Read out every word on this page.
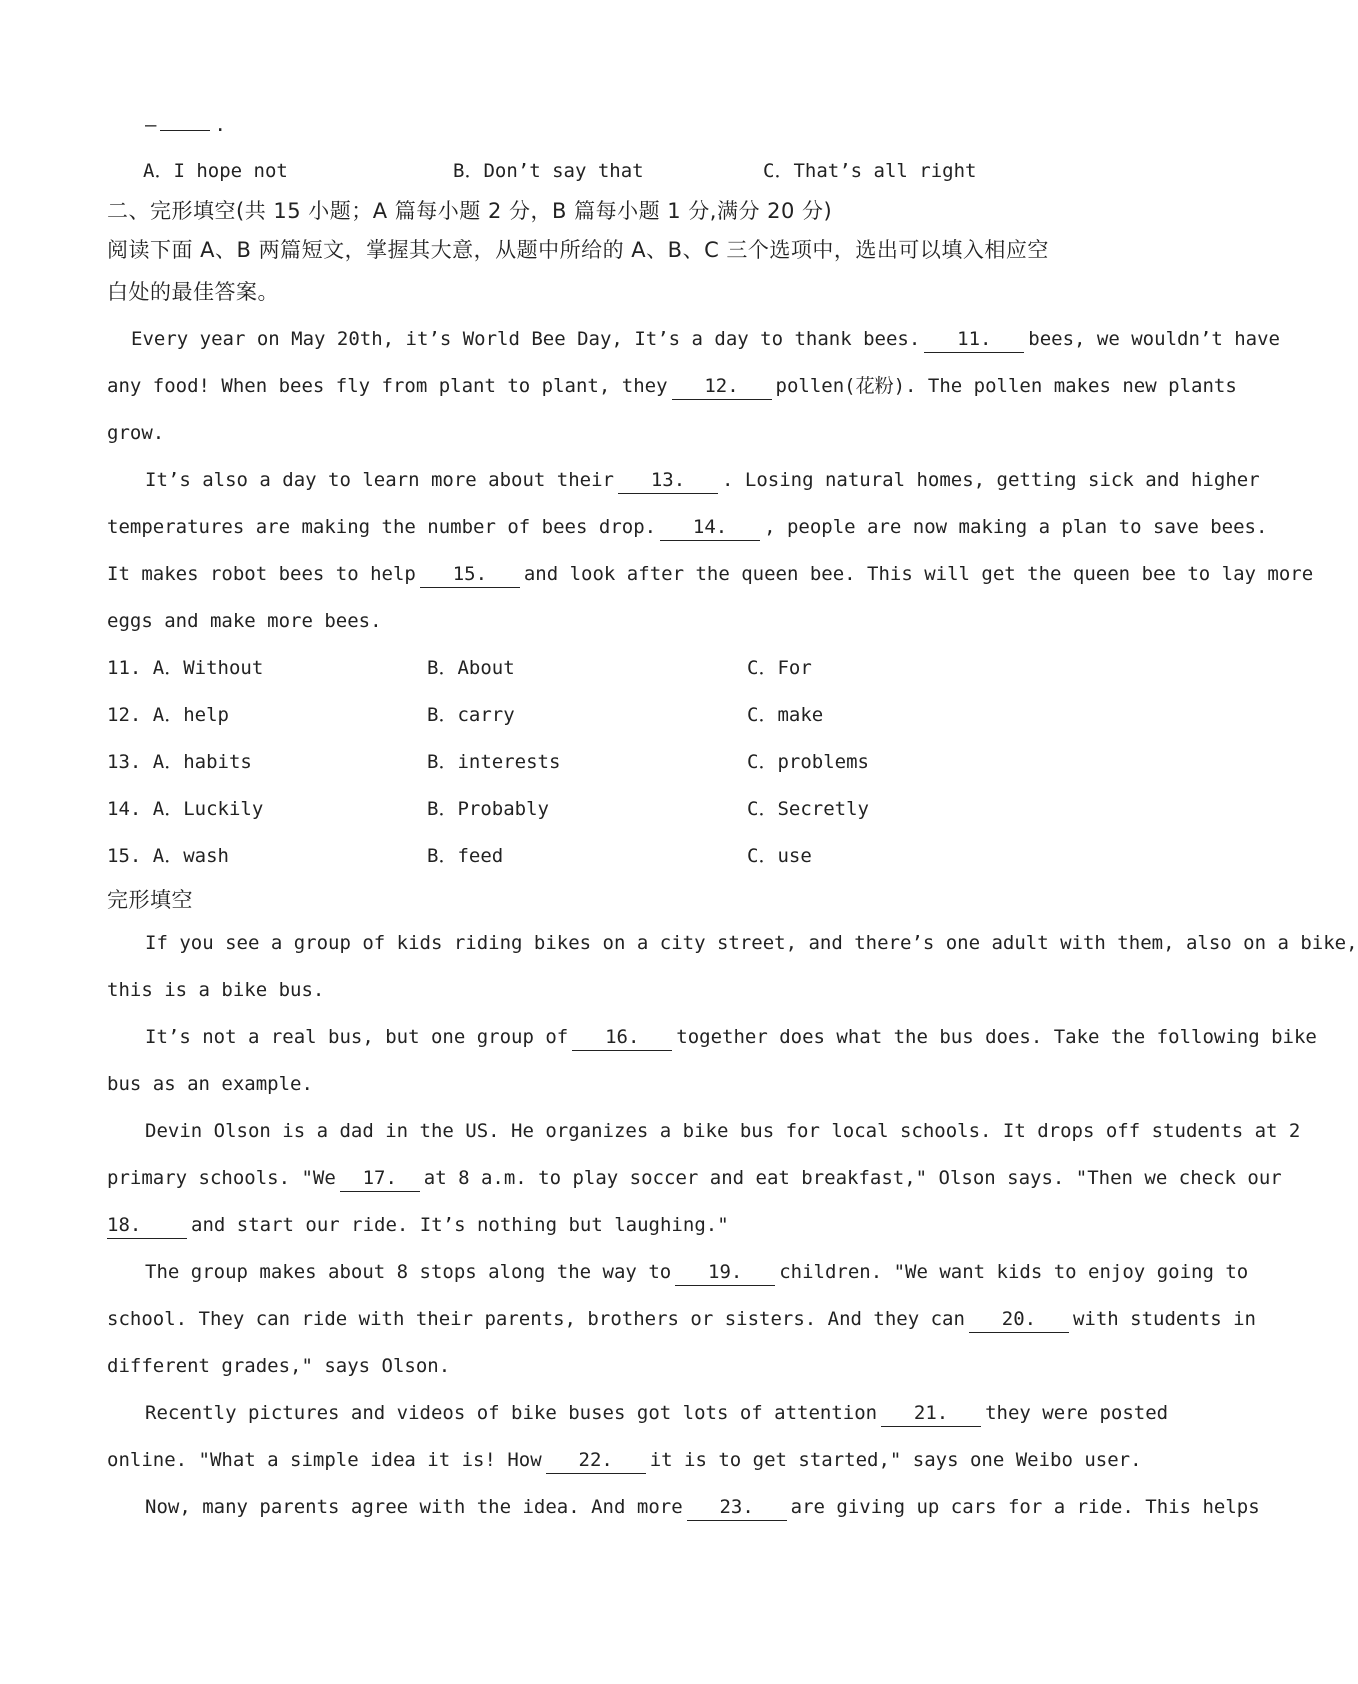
—	.
A．I hope not	B．Don’t say that	C．That’s all right
二、完形填空(共 15 小题；A 篇每小题 2 分，B 篇每小题 1 分,满分 20 分)
阅读下面 A、B 两篇短文，掌握其大意，从题中所给的 A、B、C 三个选项中，选出可以填入相应空
白处的最佳答案。
Every year on May 20th, it’s World Bee Day, It’s a day to thank bees. 11. bees, we wouldn’t have
any food! When bees fly from plant to plant, they 12. pollen(花粉). The pollen makes new plants
grow.
It’s also a day to learn more about their 13. . Losing natural homes, getting sick and higher
temperatures are making the number of bees drop. 14. , people are now making a plan to save bees.
It makes robot bees to help 15. and look after the queen bee. This will get the queen bee to lay more
eggs and make more bees.
11. A．Without	B．About	C．For
12. A．help	B．carry	C．make
13. A．habits	B．interests	C．problems
14. A．Luckily	B．Probably	C．Secretly
15. A．wash	B．feed	C．use
完形填空
If you see a group of kids riding bikes on a city street, and there’s one adult with them, also on a bike,
this is a bike bus.
It’s not a real bus, but one group of 16. together does what the bus does. Take the following bike
bus as an example.
Devin Olson is a dad in the US. He organizes a bike bus for local schools. It drops off students at 2
primary schools. "We 17. at 8 a.m. to play soccer and eat breakfast," Olson says. "Then we check our
18.	and start our ride. It’s nothing but laughing."
The group makes about 8 stops along the way to 19. children. "We want kids to enjoy going to
school. They can ride with their parents, brothers or sisters. And they can 20. with students in
different grades," says Olson.
Recently pictures and videos of bike buses got lots of attention 21. they were posted
online. "What a simple idea it is! How 22. it is to get started," says one Weibo user.
Now, many parents agree with the idea. And more 23. are giving up cars for a ride. This helps
